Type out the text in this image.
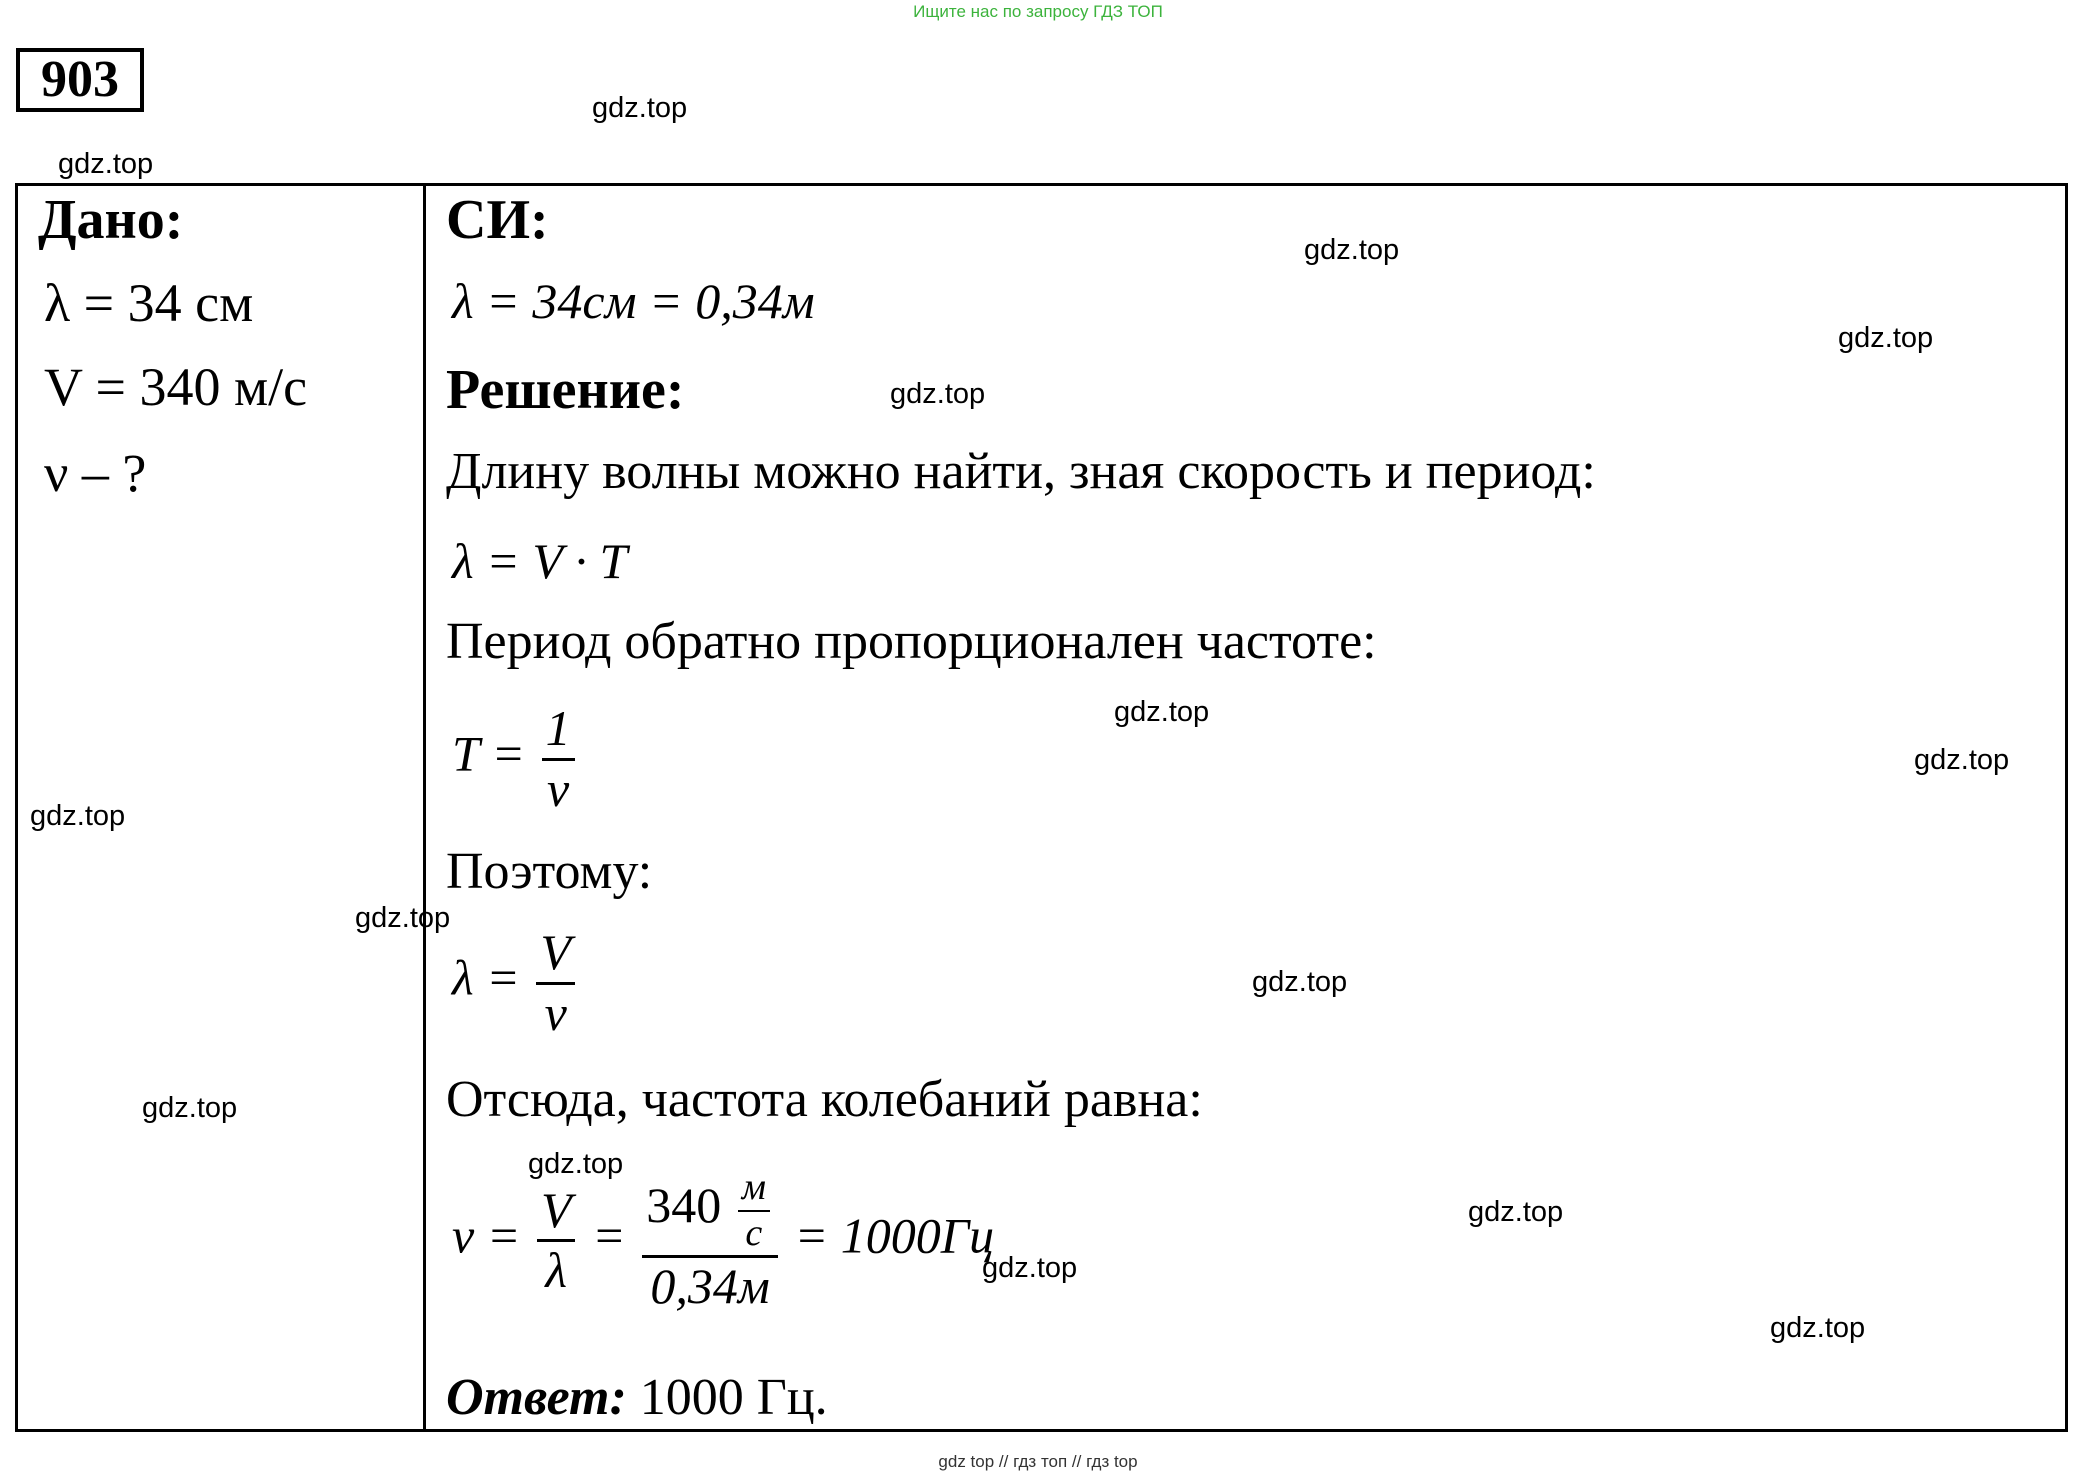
Ищите нас по запросу ГДЗ ТОП
903
Дано:
λ = 34 см
V = 340 м/с
ν – ?
СИ:
λ = 34см = 0,34м
Решение:
Длину волны можно найти, зная скорость и период:
λ = V · T
Период обратно пропорционален частоте:
$T = \frac{1}{\nu}$
Поэтому:
$\lambda = \frac{V}{\nu}$
Отсюда, частота колебаний равна:
$\nu = \frac{V}{\lambda} = \frac{340 \frac{м}{с}}{0,34м} = 1000Гц$
Ответ: 1000 Гц.
gdz.top
gdz.top
gdz.top
gdz.top
gdz.top
gdz.top
gdz.top
gdz.top
gdz.top
gdz.top
gdz.top
gdz.top
gdz.top
gdz.top
gdz.top
gdz top // гдз топ // гдз top
